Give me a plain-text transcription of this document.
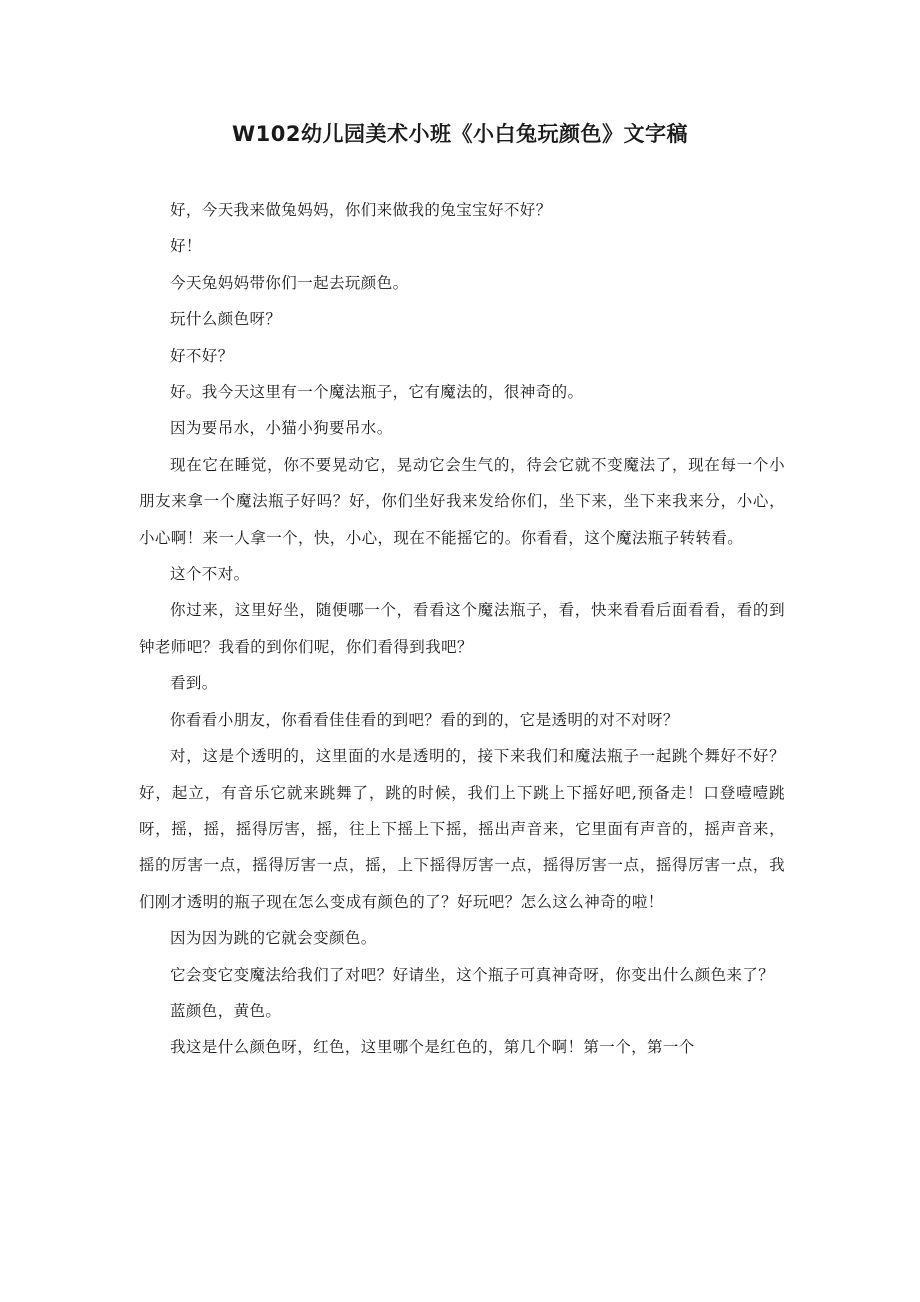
W102幼儿园美术小班《小白兔玩颜色》文字稿

好，今天我来做兔妈妈，你们来做我的兔宝宝好不好？

好！

今天兔妈妈带你们一起去玩颜色。

玩什么颜色呀？

好不好？

好。我今天这里有一个魔法瓶子，它有魔法的，很神奇的。

因为要吊水，小猫小狗要吊水。

现在它在睡觉，你不要晃动它，晃动它会生气的，待会它就不变魔法了，现在每一个小朋友来拿一个魔法瓶子好吗？好，你们坐好我来发给你们，坐下来，坐下来我来分，小心，小心啊！来一人拿一个，快，小心，现在不能摇它的。你看看，这个魔法瓶子转转看。

这个不对。

你过来，这里好坐，随便哪一个，看看这个魔法瓶子，看，快来看看后面看看，看的到钟老师吧？我看的到你们呢，你们看得到我吧？

看到。

你看看小朋友，你看看佳佳看的到吧？看的到的，它是透明的对不对呀？

对，这是个透明的，这里面的水是透明的，接下来我们和魔法瓶子一起跳个舞好不好？好，起立，有音乐它就来跳舞了，跳的时候，我们上下跳上下摇好吧,预备走！口登噎噎跳呀，摇，摇，摇得厉害，摇，往上下摇上下摇，摇出声音来，它里面有声音的，摇声音来，摇的厉害一点，摇得厉害一点，摇，上下摇得厉害一点，摇得厉害一点，摇得厉害一点，我们刚才透明的瓶子现在怎么变成有颜色的了？好玩吧？怎么这么神奇的啦！

因为因为跳的它就会变颜色。

它会变它变魔法给我们了对吧？好请坐，这个瓶子可真神奇呀，你变出什么颜色来了？

蓝颜色，黄色。

我这是什么颜色呀，红色，这里哪个是红色的，第几个啊！第一个，第一个
